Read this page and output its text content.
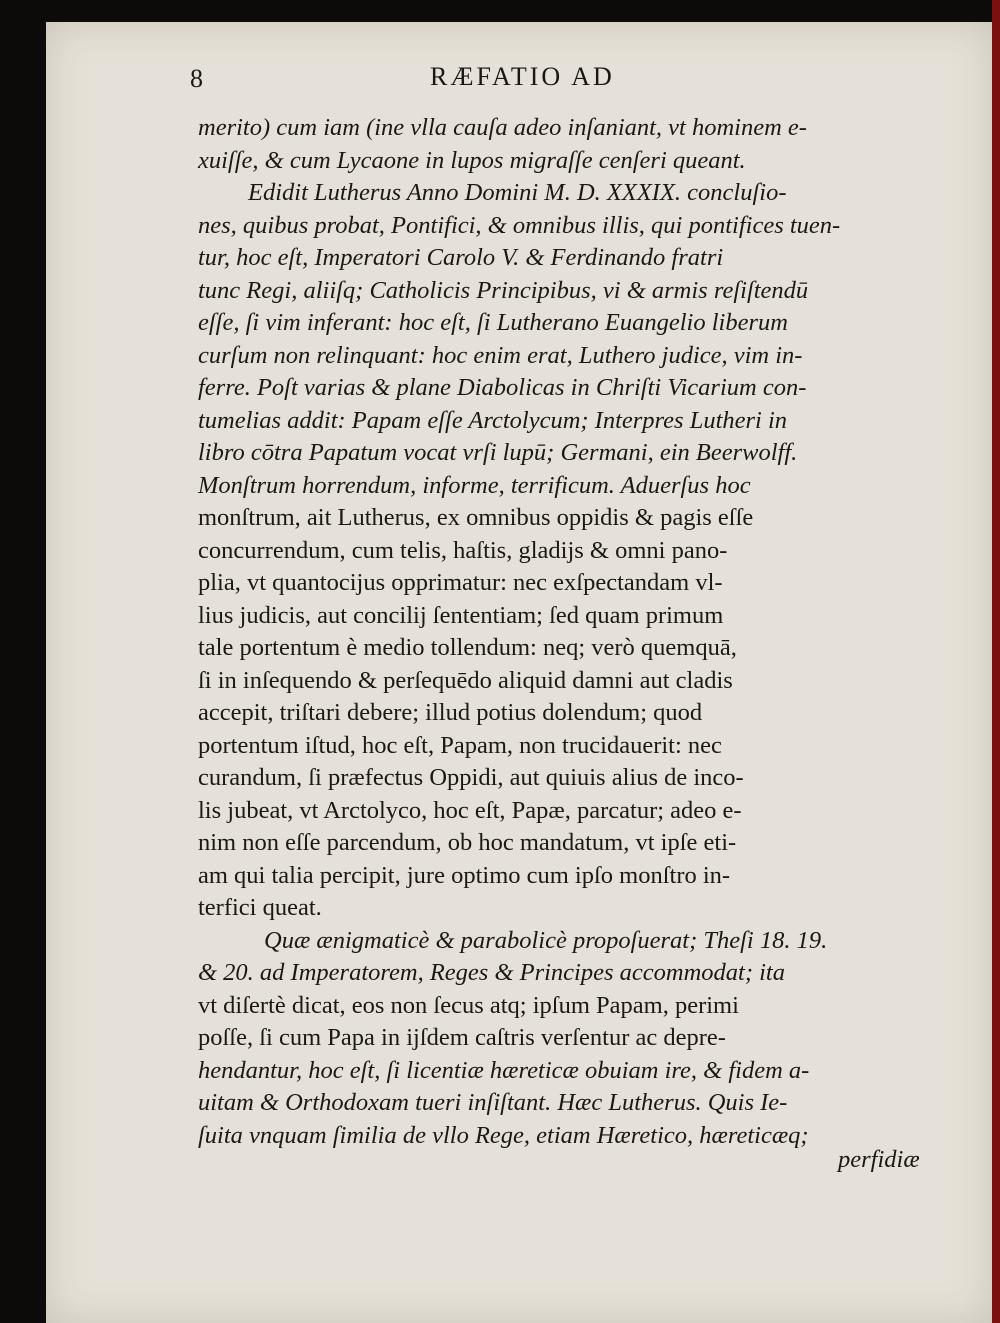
8	RÆFATIO AD
merito) cum iam (ine vlla cauſa adeo inſaniant, vt hominem e-
xuiſſe, & cum Lycaone in lupos migraſſe cenſeri queant.
Edidit Lutherus Anno Domini M. D. XXXIX. concluſio-
nes, quibus probat, Pontifici, & omnibus illis, qui pontifices tuen-
tur, hoc eſt, Imperatori Carolo V. & Ferdinando fratri
tunc Regi, aliiſq; Catholicis Principibus, vi & armis reſiſtendū
eſſe, ſi vim inferant: hoc eſt, ſi Lutherano Euangelio liberum
curſum non relinquant: hoc enim erat, Luthero judice, vim in-
ferre. Poſt varias & plane Diabolicas in Chriſti Vicarium con-
tumelias addit: Papam eſſe Arctolycum; Interpres Lutheri in
libro cōtra Papatum vocat vrſi lupū; Germani, ein Beerwolff.
Monſtrum horrendum, informe, terrificum. Aduerſus hoc
monſtrum, ait Lutherus, ex omnibus oppidis & pagis eſſe
concurrendum, cum telis, haſtis, gladijs & omni pano-
plia, vt quantocijus opprimatur: nec exſpectandam vl-
lius judicis, aut concilij ſententiam; ſed quam primum
tale portentum è medio tollendum: neq; verò quemquā,
ſi in inſequendo & perſequēdo aliquid damni aut cladis
accepit, triſtari debere; illud potius dolendum; quod
portentum iſtud, hoc eſt, Papam, non trucidauerit: nec
curandum, ſi præfectus Oppidi, aut quiuis alius de inco-
lis jubeat, vt Arctolyco, hoc eſt, Papæ, parcatur; adeo e-
nim non eſſe parcendum, ob hoc mandatum, vt ipſe eti-
am qui talia percipit, jure optimo cum ipſo monſtro in-
terfici queat.
Quæ ænigmaticè & parabolicè propoſuerat; Theſi 18. 19.
& 20. ad Imperatorem, Reges & Principes accommodat; ita
vt diſertè dicat, eos non ſecus atq; ipſum Papam, perimi
poſſe, ſi cum Papa in ijſdem caſtris verſentur ac depre-
hendantur, hoc eſt, ſi licentiæ hæreticæ obuiam ire, & fidem a-
uitam & Orthodoxam tueri inſiſtant. Hæc Lutherus. Quis Ie-
ſuita vnquam ſimilia de vllo Rege, etiam Hæretico, hæreticæq;
perfidiæ
